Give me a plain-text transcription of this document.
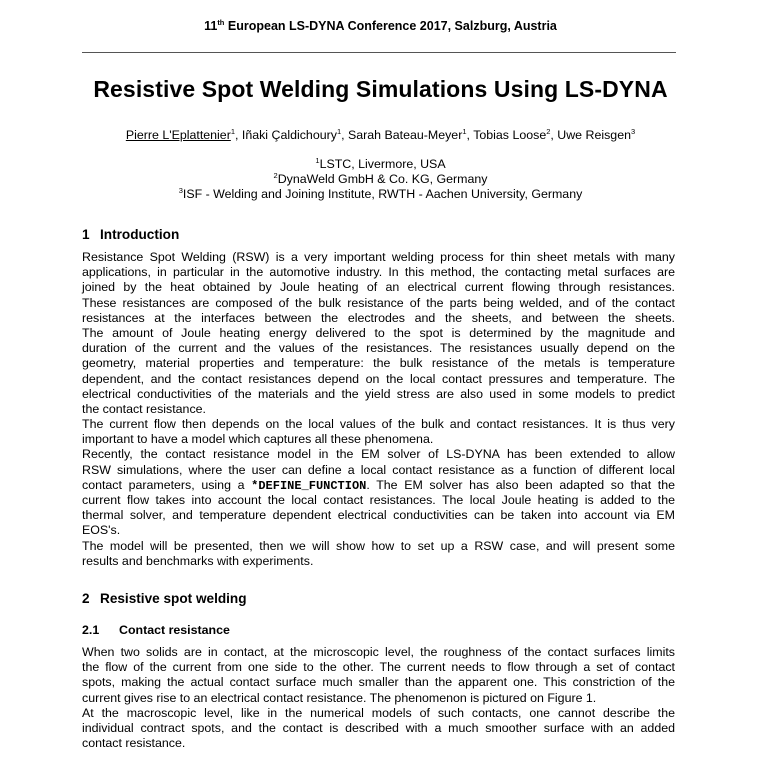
11th European LS-DYNA Conference 2017, Salzburg, Austria
Resistive Spot Welding Simulations Using LS-DYNA
Pierre L'Eplattenier$^1$, Iñaki Çaldichoury$^1$, Sarah Bateau-Meyer$^1$, Tobias Loose$^2$, Uwe Reisgen$^3$
$^1$LSTC, Livermore, USA
$^2$DynaWeld GmbH & Co. KG, Germany
$^3$ISF - Welding and Joining Institute, RWTH - Aachen University, Germany
1 Introduction
Resistance Spot Welding (RSW) is a very important welding process for thin sheet metals with many
applications, in particular in the automotive industry. In this method, the contacting metal surfaces are
joined by the heat obtained by Joule heating of an electrical current flowing through resistances.
These resistances are composed of the bulk resistance of the parts being welded, and of the contact
resistances at the interfaces between the electrodes and the sheets, and between the sheets.
The amount of Joule heating energy delivered to the spot is determined by the magnitude and
duration of the current and the values of the resistances. The resistances usually depend on the
geometry, material properties and temperature: the bulk resistance of the metals is temperature
dependent, and the contact resistances depend on the local contact pressures and temperature. The
electrical conductivities of the materials and the yield stress are also used in some models to predict
the contact resistance.
The current flow then depends on the local values of the bulk and contact resistances. It is thus very
important to have a model which captures all these phenomena.
Recently, the contact resistance model in the EM solver of LS-DYNA has been extended to allow
RSW simulations, where the user can define a local contact resistance as a function of different local
contact parameters, using a *DEFINE_FUNCTION. The EM solver has also been adapted so that the
current flow takes into account the local contact resistances. The local Joule heating is added to the
thermal solver, and temperature dependent electrical conductivities can be taken into account via EM
EOS's.
The model will be presented, then we will show how to set up a RSW case, and will present some
results and benchmarks with experiments.
2 Resistive spot welding
2.1 Contact resistance
When two solids are in contact, at the microscopic level, the roughness of the contact surfaces limits
the flow of the current from one side to the other. The current needs to flow through a set of contact
spots, making the actual contact surface much smaller than the apparent one. This constriction of the
current gives rise to an electrical contact resistance. The phenomenon is pictured on Figure 1.
At the macroscopic level, like in the numerical models of such contacts, one cannot describe the
individual contract spots, and the contact is described with a much smoother surface with an added
contact resistance.
